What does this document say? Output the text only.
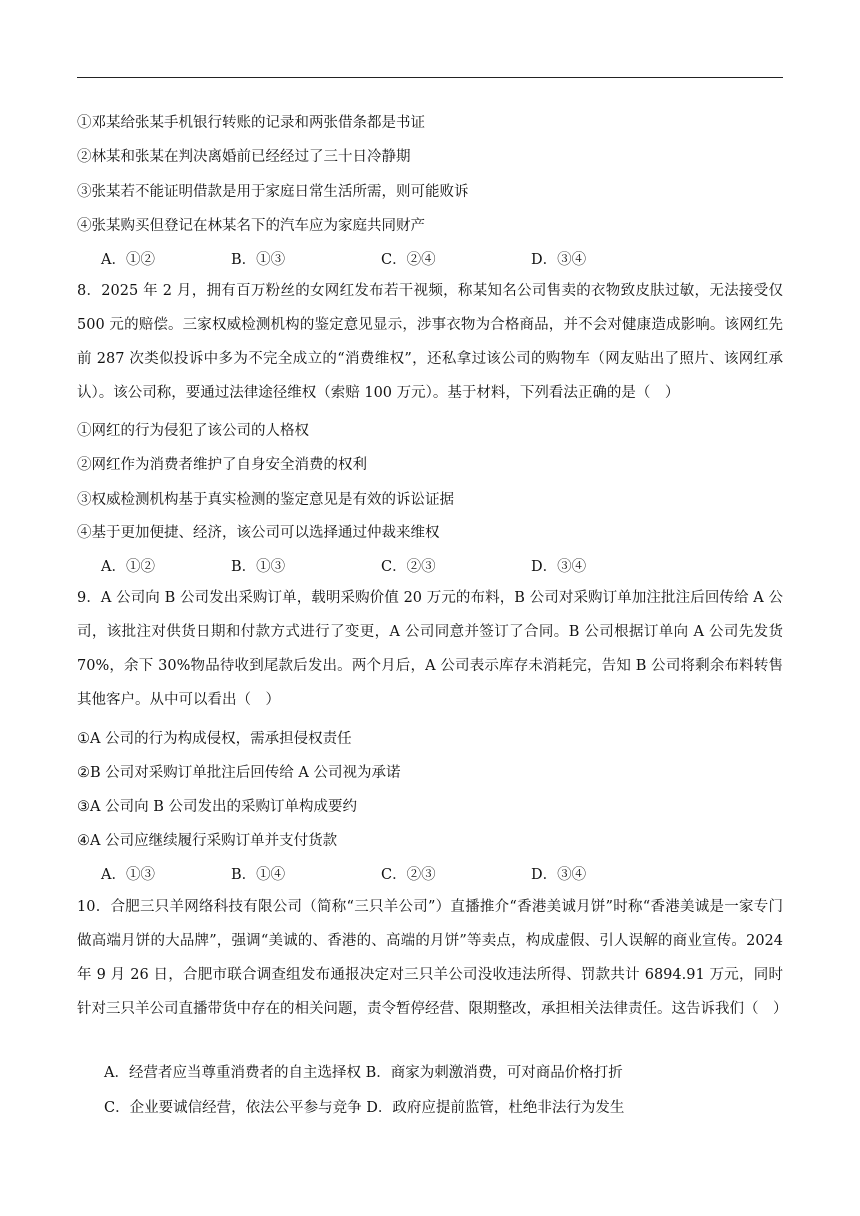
①邓某给张某手机银行转账的记录和两张借条都是书证
②林某和张某在判决离婚前已经经过了三十日冷静期
③张某若不能证明借款是用于家庭日常生活所需，则可能败诉
④张某购买但登记在林某名下的汽车应为家庭共同财产
A．①②	B．①③	C．②④	D．③④
8．2025 年 2 月，拥有百万粉丝的女网红发布若干视频，称某知名公司售卖的衣物致皮肤过敏，无法接受仅 500 元的赔偿。三家权威检测机构的鉴定意见显示，涉事衣物为合格商品，并不会对健康造成影响。该网红先前 287 次类似投诉中多为不完全成立的“消费维权”，还私拿过该公司的购物车（网友贴出了照片、该网红承认）。该公司称，要通过法律途径维权（索赔 100 万元）。基于材料，下列看法正确的是（　）
①网红的行为侵犯了该公司的人格权
②网红作为消费者维护了自身安全消费的权利
③权威检测机构基于真实检测的鉴定意见是有效的诉讼证据
④基于更加便捷、经济，该公司可以选择通过仲裁来维权
A．①②	B．①③	C．②③	D．③④
9．A 公司向 B 公司发出采购订单，载明采购价值 20 万元的布料，B 公司对采购订单加注批注后回传给 A 公司，该批注对供货日期和付款方式进行了变更，A 公司同意并签订了合同。B 公司根据订单向 A 公司先发货 70%，余下 30%物品待收到尾款后发出。两个月后，A 公司表示库存未消耗完，告知 B 公司将剩余布料转售其他客户。从中可以看出（　）
①A 公司的行为构成侵权，需承担侵权责任
②B 公司对采购订单批注后回传给 A 公司视为承诺
③A 公司向 B 公司发出的采购订单构成要约
④A 公司应继续履行采购订单并支付货款
A．①③	B．①④	C．②③	D．③④
10．合肥三只羊网络科技有限公司（简称“三只羊公司”）直播推介“香港美诚月饼”时称“香港美诚是一家专门做高端月饼的大品牌”，强调“美诚的、香港的、高端的月饼”等卖点，构成虚假、引人误解的商业宣传。2024 年 9 月 26 日，合肥市联合调查组发布通报决定对三只羊公司没收违法所得、罚款共计 6894.91 万元，同时针对三只羊公司直播带货中存在的相关问题，责令暂停经营、限期整改，承担相关法律责任。这告诉我们（　）
A．经营者应当尊重消费者的自主选择权 B．商家为刺激消费，可对商品价格打折
C．企业要诚信经营，依法公平参与竞争 D．政府应提前监管，杜绝非法行为发生
